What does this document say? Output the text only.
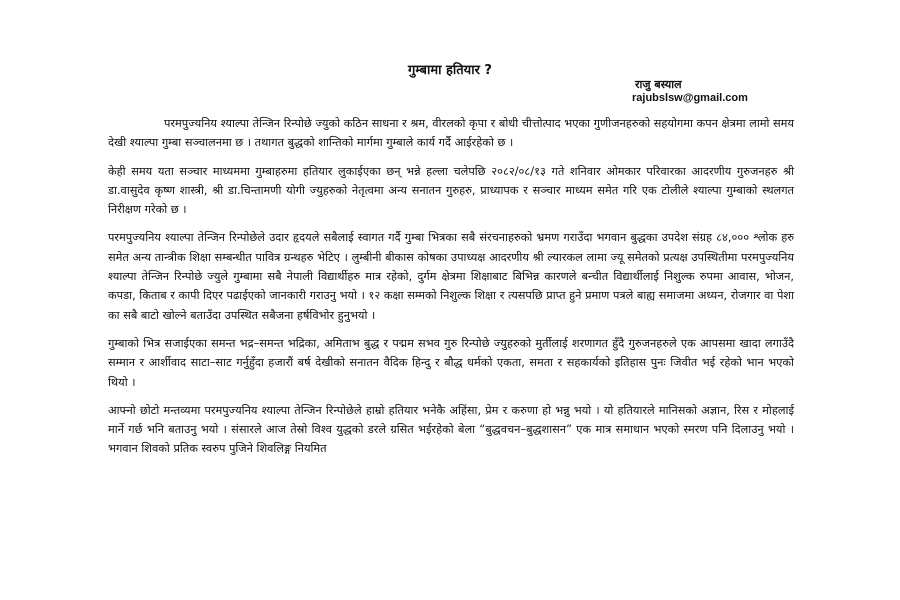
गुम्बामा हतियार ?
राजु बस्याल
rajubslsw@gmail.com

परमपुज्यनिय श्याल्पा तेन्जिन रिन्पोछे ज्युको कठिन साधना र श्रम, वीरलको कृपा र बोधी चीत्तोत्पाद भएका गुणीजनहरुको सहयोगमा कपन क्षेत्रमा लामो समय देखी श्याल्पा गुम्बा सञ्चालनमा छ । तथागत बुद्धको शान्तिको मार्गमा गुम्बाले कार्य गर्दै आईरहेको छ ।

केही समय यता सञ्चार माध्यममा गुम्बाहरुमा हतियार लुकाईएका छन् भन्ने हल्ला चलेपछि २०८२/०८/१३ गते शनिवार ओमकार परिवारका आदरणीय गुरुजनहरु श्री डा.वासुदेव कृष्ण शास्त्री, श्री डा.चिन्तामणी योगी ज्युहरुको नेतृत्वमा अन्य सनातन गुरुहरु, प्राध्यापक र सञ्चार माध्यम समेत गरि एक टोलीले श्याल्पा गुम्बाको स्थलगत निरीक्षण गरेको छ ।

परमपुज्यनिय श्याल्पा तेन्जिन रिन्पोछेले उदार हृदयले सबैलाई स्वागत गर्दै गुम्बा भित्रका सबै संरचनाहरुको भ्रमण गराउँदा भगवान बुद्धका उपदेश संग्रह ८४,००० श्लोक हरु समेत अन्य तान्त्रीक शिक्षा सम्बन्धीत पावित्र ग्रन्थहरु भेटिए । लुम्बीनी बीकास कोषका उपाध्यक्ष आदरणीय श्री ल्यारकल लामा ज्यू समेतको प्रत्यक्ष उपस्थितीमा परमपुज्यनिय श्याल्पा तेन्जिन रिन्पोछे ज्युले गुम्बामा सबै नेपाली विद्यार्थीहरु मात्र रहेको, दुर्गम क्षेत्रमा शिक्षाबाट बिभिन्न कारणले बन्चीत विद्यार्थीलाई निशुल्क रुपमा आवास, भोजन, कपडा, किताब र कापी दिएर पढाईएको जानकारी गराउनु भयो । १२ कक्षा सम्मको निशुल्क शिक्षा र त्यसपछि प्राप्त हुने प्रमाण पत्रले बाह्य समाजमा अध्यन, रोजगार वा पेशा का सबै बाटो खोल्ने बताउँदा उपस्थित सबैजना हर्षविभोर हुनुभयो ।

गुम्बाको भित्र सजाईएका समन्त भद्र–समन्त भद्रिका, अमिताभ बुद्ध र पद्मम सभव गुरु रिन्पोछे ज्युहरुको मुर्तीलाई शरणागत हुँदै गुरुजनहरुले एक आपसमा खादा लगाउँदै सम्मान र आर्शीवाद साटा–साट गर्नुहुँदा हजारौं बर्ष देखीको सनातन वैदिक हिन्दु र बौद्ध धर्मको एकता, समता र सहकार्यको इतिहास पुनः जिवीत भई रहेको भान भएको थियो ।

आफ्नो छोटो मन्तव्यमा परमपुज्यनिय श्याल्पा तेन्जिन रिन्पोछेले हाम्रो हतियार भनेकै अहिंसा, प्रेम र करुणा हो भन्नु भयो । यो हतियारले मानिसको अज्ञान, रिस र मोहलाई मार्ने गर्छ भनि बताउनु भयो । संसारले आज तेस्रो विश्व युद्धको डरले ग्रसित भईरहेको बेला “बुद्धवचन–बुद्धशासन” एक मात्र समाधान भएको स्मरण पनि दिलाउनु भयो । भगवान शिवको प्रतिक स्वरुप पुजिने शिवलिङ्ग नियमित
